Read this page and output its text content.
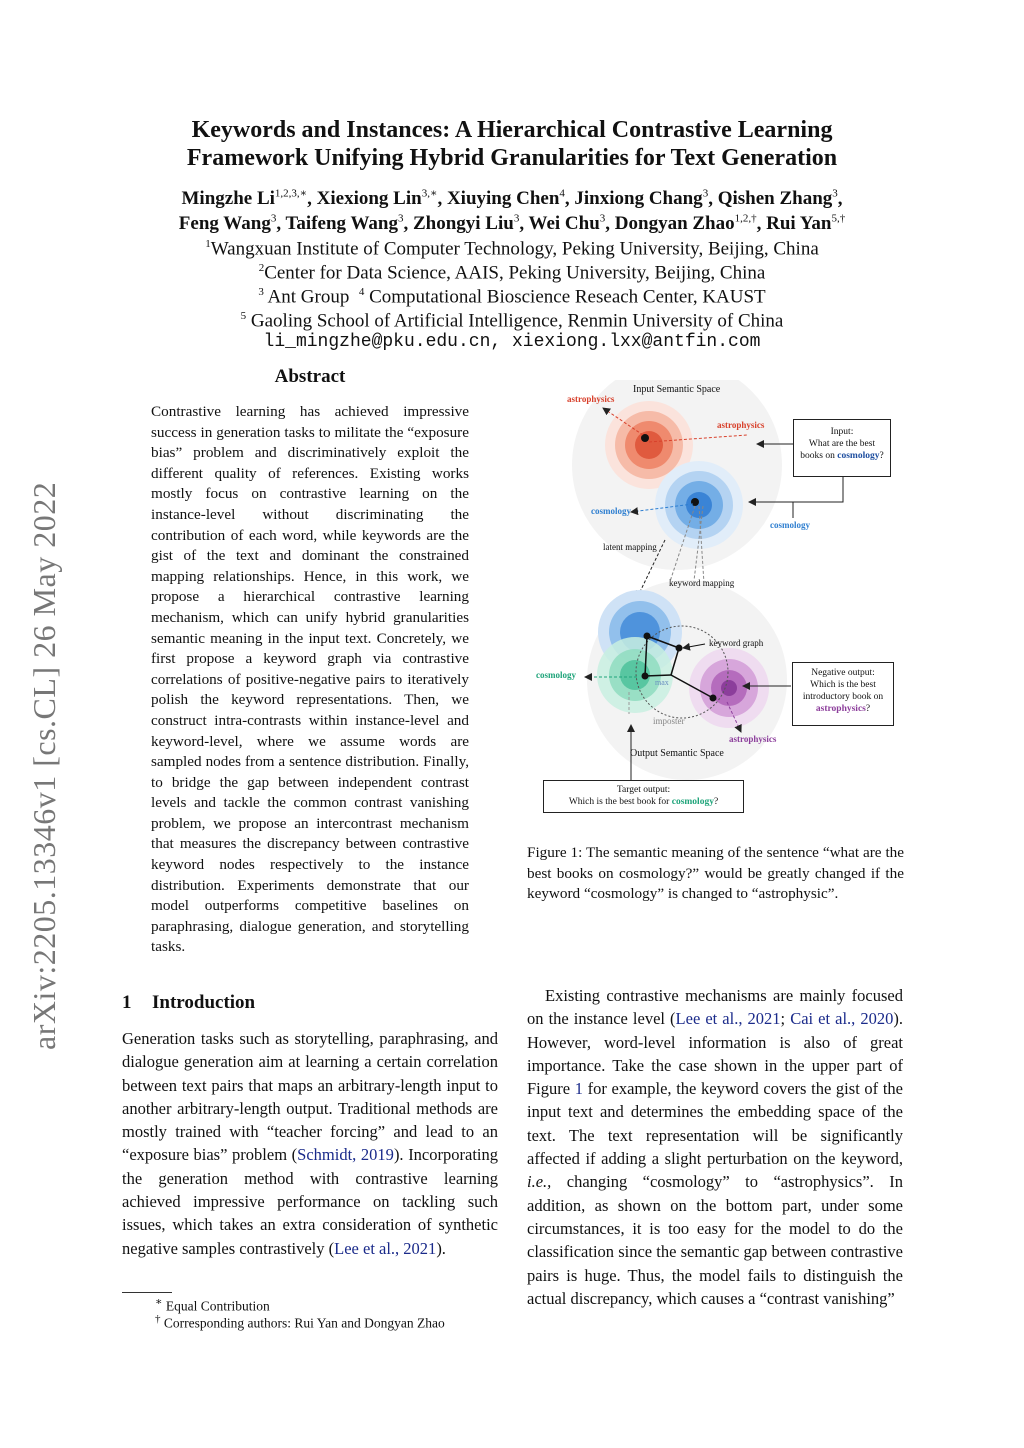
arXiv:2205.13346v1 [cs.CL] 26 May 2022
Keywords and Instances: A Hierarchical Contrastive Learning
Framework Unifying Hybrid Granularities for Text Generation
Mingzhe $Li^{1,2,3,∗}$, Xiexiong Lin$^{3,∗}$, Xiuying Chen$^4$, Jinxiong Chang$^3$, Qishen Zhang$^3$,
Feng Wang$^3$, Taifeng Wang$^3$, Zhongyi Liu$^3$, Wei Chu$^3$, Dongyan Zhao$^{1,2,\dagger}$, Rui Yan$^{5,\dagger}$
$^1$Wangxuan Institute of Computer Technology, Peking University, Beijing, China
$^2$Center for Data Science, AAIS, Peking University, Beijing, China
$^3$ Ant Group $^4$ Computational Bioscience Reseach Center, KAUST
$^5$ Gaoling School of Artificial Intelligence, Renmin University of China
li_mingzhe@pku.edu.cn, xiexiong.lxx@antfin.com
Abstract
Contrastive learning has achieved impressive success in generation tasks to militate the “exposure bias” problem and discriminatively exploit the different quality of references. Existing works mostly focus on contrastive learning on the instance-level without discriminating the contribution of each word, while keywords are the gist of the text and dominant the constrained mapping relationships. Hence, in this work, we propose a hierarchical contrastive learning mechanism, which can unify hybrid granularities semantic meaning in the input text. Concretely, we first propose a keyword graph via contrastive correlations of positive-negative pairs to iteratively polish the keyword representations. Then, we construct intra-contrasts within instance-level and keyword-level, where we assume words are sampled nodes from a sentence distribution. Finally, to bridge the gap between independent contrast levels and tackle the common contrast vanishing problem, we propose an intercontrast mechanism that measures the discrepancy between contrastive keyword nodes respectively to the instance distribution. Experiments demonstrate that our model outperforms competitive baselines on paraphrasing, dialogue generation, and storytelling tasks.
1 Introduction
Generation tasks such as storytelling, paraphrasing, and dialogue generation aim at learning a certain correlation between text pairs that maps an arbitrary-length input to another arbitrary-length output. Traditional methods are mostly trained with “teacher forcing” and lead to an “exposure bias” problem (Schmidt, 2019). Incorporating the generation method with contrastive learning achieved impressive performance on tackling such issues, which takes an extra consideration of synthetic negative samples contrastively (Lee et al., 2021).
∗ Equal Contribution
† Corresponding authors: Rui Yan and Dongyan Zhao
Input Semantic Space
astrophysics
astrophysics
cosmology
cosmology
latent mapping
keyword mapping
keyword graph
cosmology
max
imposter
astrophysics
Output Semantic Space
Input:
What are the best
books on cosmology?
Negative output:
Which is the best
introductory book on
astrophysics?
Target output:
Which is the best book for cosmology?
Figure 1: The semantic meaning of the sentence “what are the best books on cosmology?” would be greatly changed if the keyword “cosmology” is changed to “astrophysic”.
Existing contrastive mechanisms are mainly focused on the instance level (Lee et al., 2021; Cai et al., 2020). However, word-level information is also of great importance. Take the case shown in the upper part of Figure 1 for example, the keyword covers the gist of the input text and determines the embedding space of the text. The text representation will be significantly affected if adding a slight perturbation on the keyword, i.e., changing “cosmology” to “astrophysics”. In addition, as shown on the bottom part, under some circumstances, it is too easy for the model to do the classification since the semantic gap between contrastive pairs is huge. Thus, the model fails to distinguish the actual discrepancy, which causes a “contrast vanishing”
